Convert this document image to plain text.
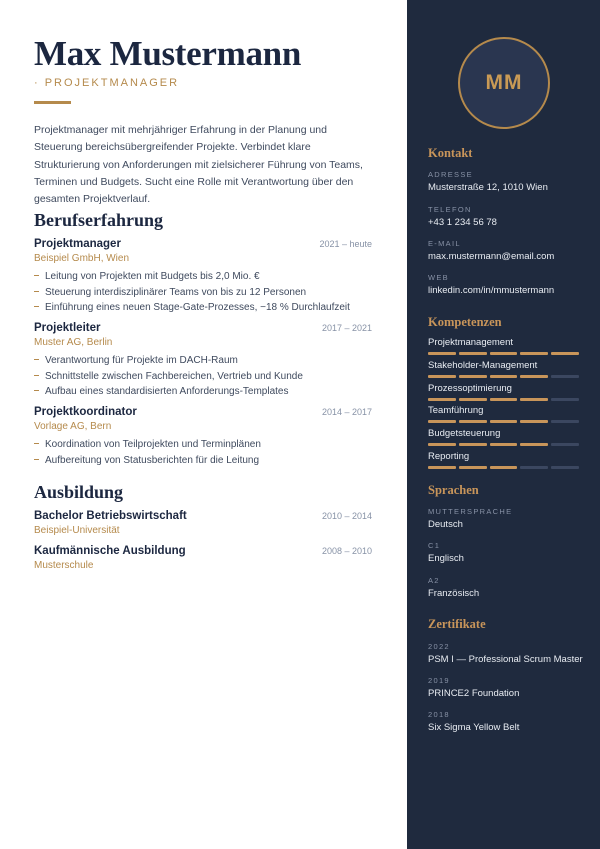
Max Mustermann
· PROJEKTMANAGER

Projektmanager mit mehrjähriger Erfahrung in der Planung und Steuerung bereichsübergreifender Projekte. Verbindet klare Strukturierung von Anforderungen mit zielsicherer Führung von Teams, Terminen und Budgets. Sucht eine Rolle mit Verantwortung über den gesamten Projektverlauf.

Berufserfahrung
Projektmanager	2021 – heute
Beispiel GmbH, Wien
Leitung von Projekten mit Budgets bis 2,0 Mio. €
Steuerung interdisziplinärer Teams von bis zu 12 Personen
Einführung eines neuen Stage-Gate-Prozesses, −18 % Durchlaufzeit
Projektleiter	2017 – 2021
Muster AG, Berlin
Verantwortung für Projekte im DACH-Raum
Schnittstelle zwischen Fachbereichen, Vertrieb und Kunde
Aufbau eines standardisierten Anforderungs-Templates
Projektkoordinator	2014 – 2017
Vorlage AG, Bern
Koordination von Teilprojekten und Terminplänen
Aufbereitung von Statusberichten für die Leitung
Ausbildung
Bachelor Betriebswirtschaft	2010 – 2014
Beispiel-Universität
Kaufmännische Ausbildung	2008 – 2010
Musterschule
MM
Kontakt
ADRESSE
Musterstraße 12, 1010 Wien
TELEFON
+43 1 234 56 78
E-MAIL
max.mustermann@email.com
WEB
linkedin.com/in/mmustermann
Kompetenzen
Projektmanagement
Stakeholder-Management
Prozessoptimierung
Teamführung
Budgetsteuerung
Reporting
Sprachen
MUTTERSPRACHE
Deutsch
C1
Englisch
A2
Französisch
Zertifikate
2022
PSM I — Professional Scrum Master
2019
PRINCE2 Foundation
2018
Six Sigma Yellow Belt
